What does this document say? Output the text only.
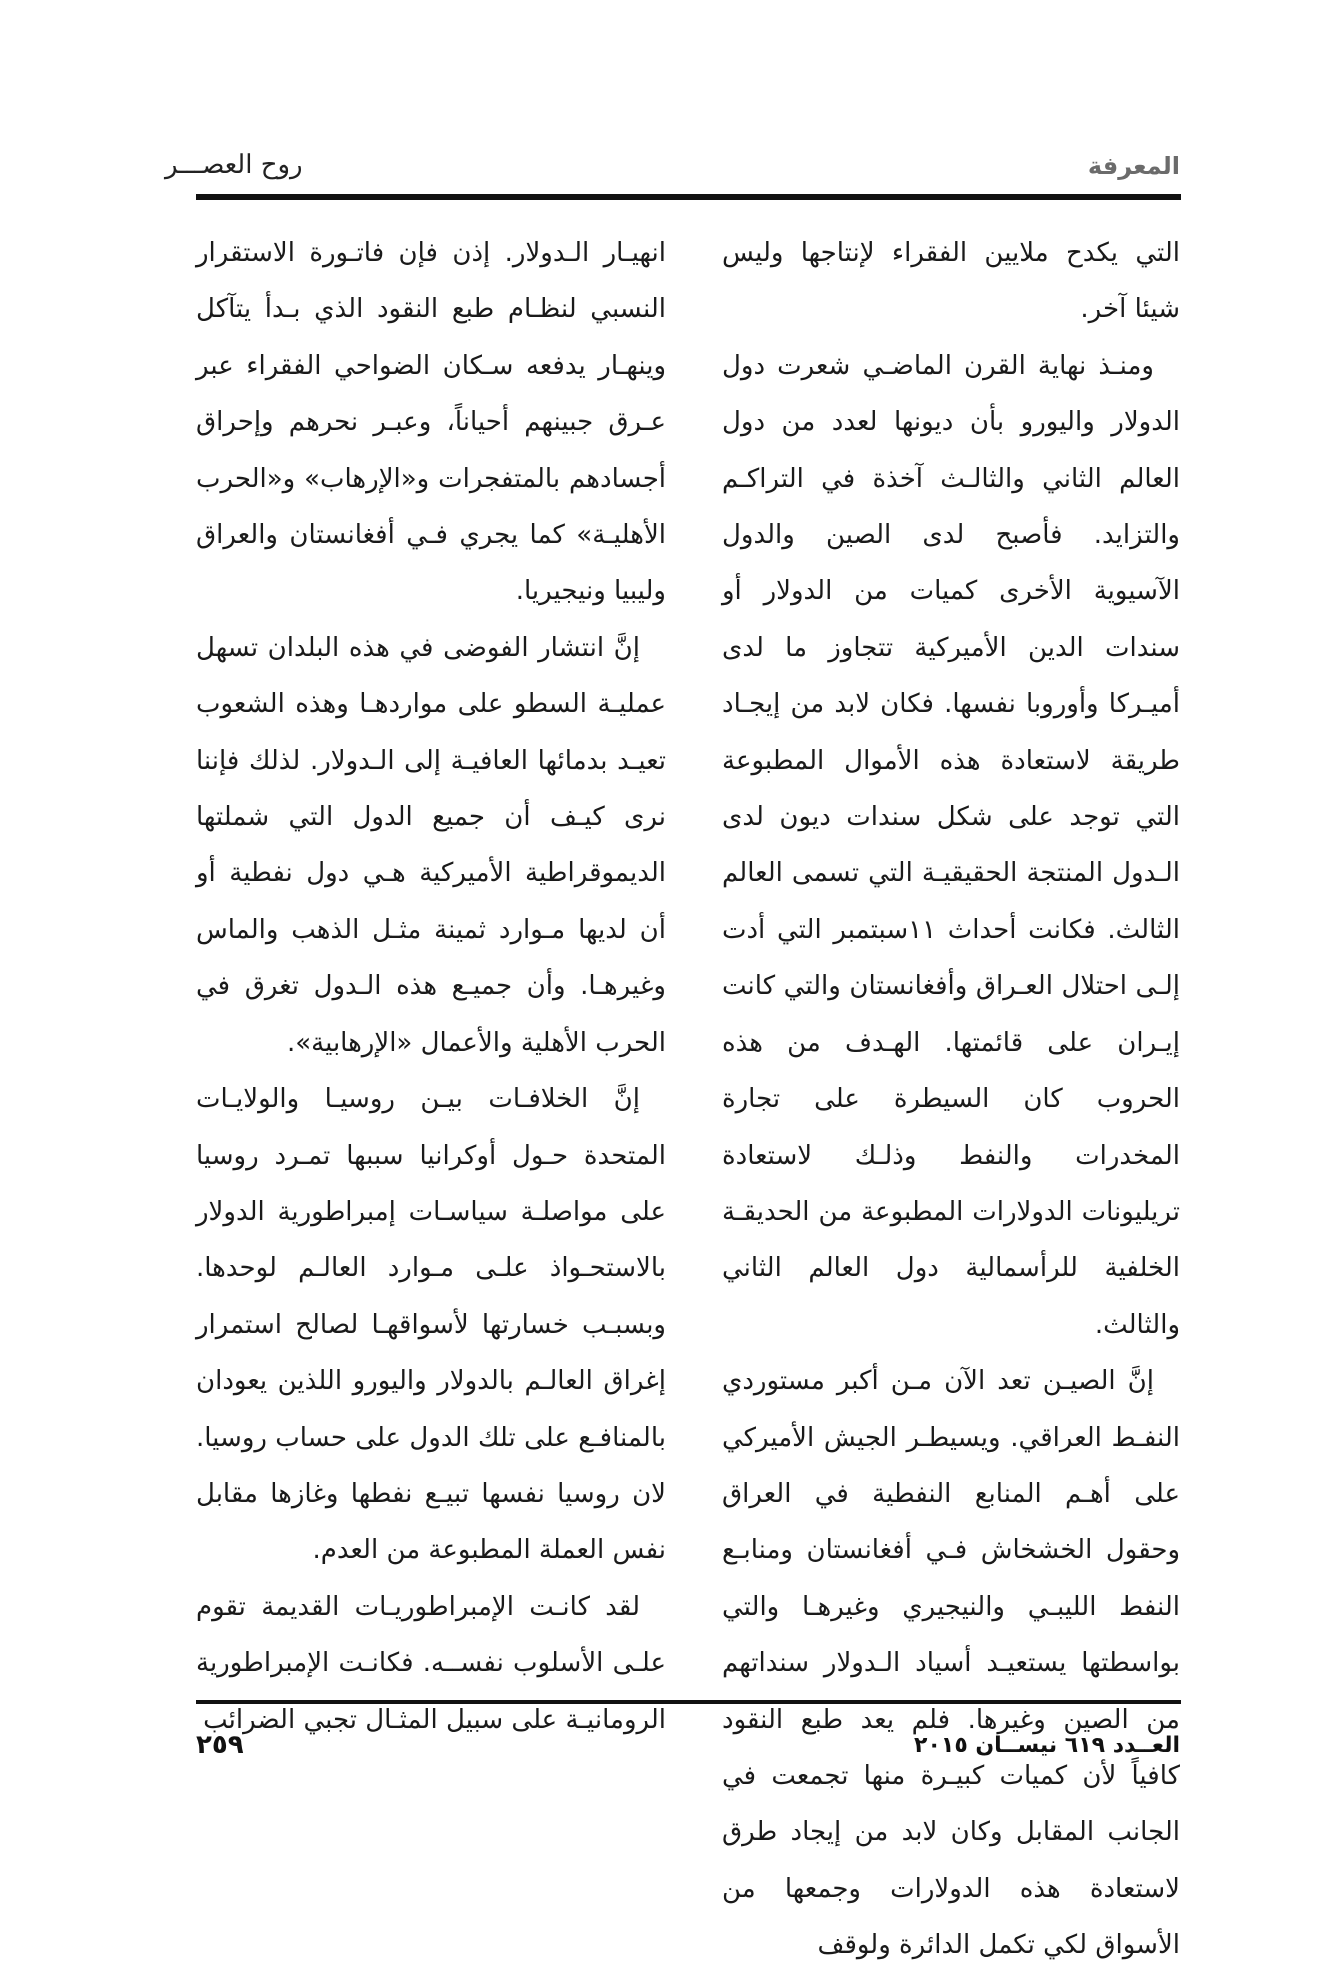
المعرفة
روح العصـــر

التي يكدح ملايين الفقراء لإنتاجها وليس شيئا آخر.

ومنـذ نهاية القرن الماضـي شعرت دول الدولار واليورو بأن ديونها لعدد من دول العالم الثاني والثالـث آخذة في التراكـم والتزايد. فأصبح لدى الصين والدول الآسيوية الأخرى كميات من الدولار أو سندات الدين الأميركية تتجاوز ما لدى أميـركا وأوروبا نفسها. فكان لابد من إيجـاد طريقة لاستعادة هذه الأموال المطبوعة التي توجد على شكل سندات ديون لدى الـدول المنتجة الحقيقيـة التي تسمى العالم الثالث. فكانت أحداث ١١سبتمبر التي أدت إلـى احتلال العـراق وأفغانستان والتي كانت إيـران على قائمتها. الهـدف من هذه الحروب كان السيطرة على تجارة المخدرات والنفط وذلـك لاستعادة تريليونات الدولارات المطبوعة من الحديقـة الخلفية للرأسمالية دول العالم الثاني والثالث.

إنَّ الصيـن تعد الآن مـن أكبر مستوردي النفـط العراقي. ويسيطـر الجيش الأميركي على أهـم المنابع النفطية في العراق وحقول الخشخاش فـي أفغانستان ومنابـع النفط الليبـي والنيجيري وغيرهـا والتي بواسطتها يستعيـد أسياد الـدولار سنداتهم من الصين وغيرها. فلم يعد طبع النقود كافياً لأن كميات كبيـرة منها تجمعت في الجانب المقابل وكان لابد من إيجاد طرق لاستعادة هذه الدولارات وجمعها من الأسواق لكي تكمل الدائرة ولوقف

انهيـار الـدولار. إذن فإن فاتـورة الاستقرار النسبي لنظـام طبع النقود الذي بـدأ يتآكل وينهـار يدفعه سـكان الضواحي الفقراء عبر عـرق جبينهم أحياناً، وعبـر نحرهم وإحراق أجسادهم بالمتفجرات و«الإرهاب» و«الحرب الأهليـة» كما يجري فـي أفغانستان والعراق وليبيا ونيجيريا.

إنَّ انتشار الفوضى في هذه البلدان تسهل عمليـة السطو على مواردهـا وهذه الشعوب تعيـد بدمائها العافيـة إلى الـدولار. لذلك فإننا نرى كيـف أن جميع الدول التي شملتها الديموقراطية الأميركية هـي دول نفطية أو أن لديها مـوارد ثمينة مثـل الذهب والماس وغيرهـا. وأن جميـع هذه الـدول تغرق في الحرب الأهلية والأعمال «الإرهابية».

إنَّ الخلافـات بيـن روسيـا والولايـات المتحدة حـول أوكرانيا سببها تمـرد روسيا على مواصلـة سياسـات إمبراطورية الدولار بالاستحـواذ علـى مـوارد العالـم لوحدها. وبسبـب خسارتها لأسواقهـا لصالح استمرار إغراق العالـم بالدولار واليورو اللذين يعودان بالمنافـع على تلك الدول على حساب روسيا. لان روسيا نفسها تبيـع نفطها وغازها مقابل نفس العملة المطبوعة من العدم.

لقد كانـت الإمبراطوريـات القديمة تقوم علـى الأسلوب نفســه. فكانـت الإمبراطورية الرومانيـة على سبيل المثـال تجبي الضرائب

العــدد ٦١٩ نيســان ٢٠١٥
٢٥٩
